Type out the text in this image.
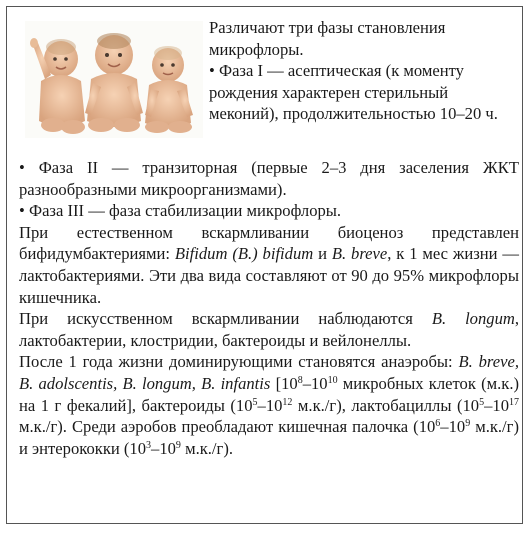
Различают три фазы становления микрофлоры.

• Фаза I — асептическая (к моменту рождения характерен стерильный меконий), продолжительностью 10–20 ч.

• Фаза II — транзиторная (первые 2–3 дня заселения ЖКТ разнообразными микроорганизмами).

• Фаза III — фаза стабилизации микрофлоры.

При естественном вскармливании биоценоз представлен бифидумбактериями: Bifidum (B.) bifidum и B. breve, к 1 мес жизни — лактобактериями. Эти два вида составляют от 90 до 95% микрофлоры кишечника.

При искусственном вскармливании наблюдаются B. longum, лактобактерии, клостридии, бактероиды и вейлонеллы.

После 1 года жизни доминирующими становятся анаэробы: B. breve, B. adolscentis, B. longum, B. infantis [$10^8-10^{10}$ микробных клеток (м.к.) на 1 г фекалий], бактероиды ($10^5-10^{12}$ м.к./г), лактобациллы ($10^5-10^{17}$ м.к./г). Среди аэробов преобладают кишечная палочка ($10^6-10^9$ м.к./г) и энтерококки ($10^3-10^9$ м.к./г).
